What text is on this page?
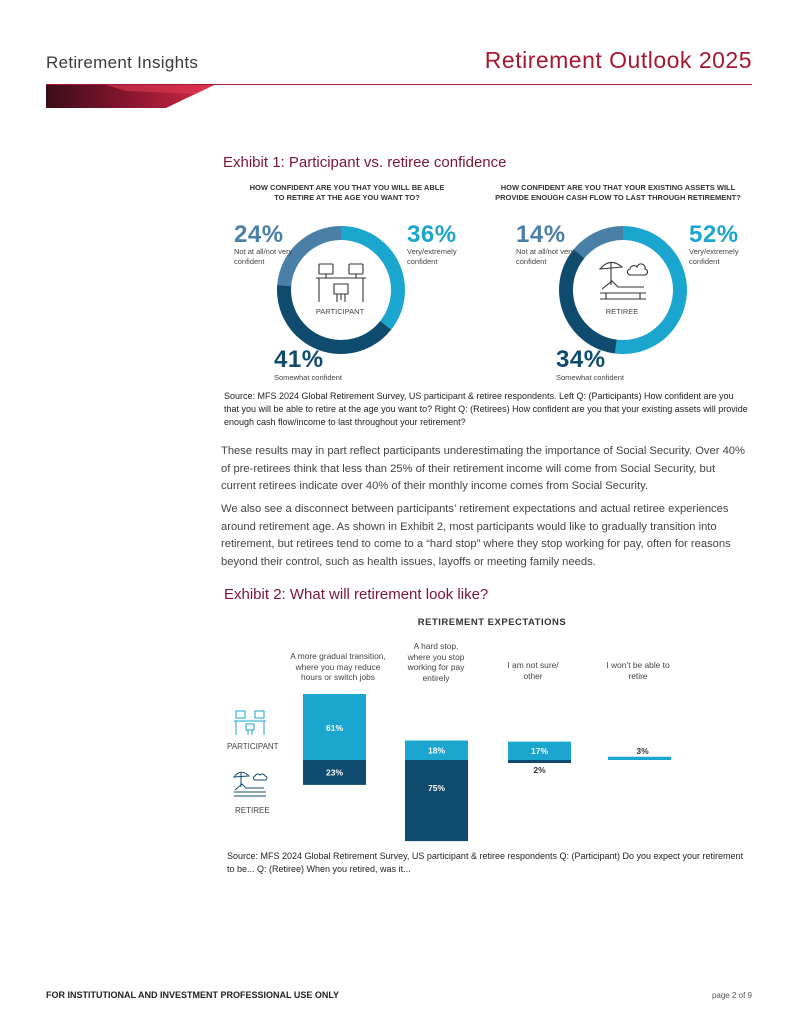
Retirement Insights	Retirement Outlook 2025
Exhibit 1: Participant vs. retiree confidence
HOW CONFIDENT ARE YOU THAT YOU WILL BE ABLE TO RETIRE AT THE AGE YOU WANT TO?
HOW CONFIDENT ARE YOU THAT YOUR EXISTING ASSETS WILL PROVIDE ENOUGH CASH FLOW TO LAST THROUGH RETIREMENT?
PARTICIPANT
24%
Not at all/not very confident
36%
Very/extremely confident
41%
Somewhat confident
RETIREE
14%
Not at all/not very confident
52%
Very/extremely confident
34%
Somewhat confident
Source: MFS 2024 Global Retirement Survey, US participant & retiree respondents. Left Q: (Participants) How confident are you that you will be able to retire at the age you want to? Right Q: (Retirees) How confident are you that your existing assets will provide enough cash flow/income to last throughout your retirement?
These results may in part reflect participants underestimating the importance of Social Security. Over 40% of pre-retirees think that less than 25% of their retirement income will come from Social Security, but current retirees indicate over 40% of their monthly income comes from Social Security.
We also see a disconnect between participants’ retirement expectations and actual retiree experiences around retirement age. As shown in Exhibit 2, most participants would like to gradually transition into retirement, but retirees tend to come to a “hard stop” where they stop working for pay, often for reasons beyond their control, such as health issues, layoffs or meeting family needs.
Exhibit 2: What will retirement look like?
RETIREMENT EXPECTATIONS
A more gradual transition, where you may reduce hours or switch jobs
A hard stop, where you stop working for pay entirely
I am not sure/ other
I won’t be able to retire
PARTICIPANT
RETIREE
61%
18%	17%	3%
23%
75%
2%
Source: MFS 2024 Global Retirement Survey, US participant & retiree respondents Q: (Participant) Do you expect your retirement to be... Q: (Retiree) When you retired, was it...
FOR INSTITUTIONAL AND INVESTMENT PROFESSIONAL USE ONLY	page 2 of 9
